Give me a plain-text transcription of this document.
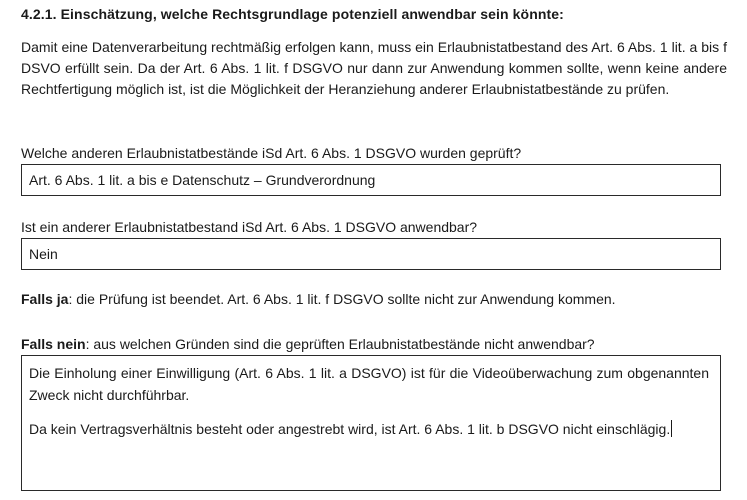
4.2.1. Einschätzung, welche Rechtsgrundlage potenziell anwendbar sein könnte:
Damit eine Datenverarbeitung rechtmäßig erfolgen kann, muss ein Erlaubnistatbestand des Art. 6 Abs. 1 lit. a bis f DSVO erfüllt sein. Da der Art. 6 Abs. 1 lit. f DSGVO nur dann zur Anwendung kommen sollte, wenn keine andere Rechtfertigung möglich ist, ist die Möglichkeit der Heranziehung anderer Erlaubnistatbestände zu prüfen.
Welche anderen Erlaubnistatbestände iSd Art. 6 Abs. 1 DSGVO wurden geprüft?
Art. 6 Abs. 1 lit. a bis e Datenschutz – Grundverordnung
Ist ein anderer Erlaubnistatbestand iSd Art. 6 Abs. 1 DSGVO anwendbar?
Nein
Falls ja: die Prüfung ist beendet. Art. 6 Abs. 1 lit. f DSGVO sollte nicht zur Anwendung kommen.
Falls nein: aus welchen Gründen sind die geprüften Erlaubnistatbestände nicht anwendbar?

Die Einholung einer Einwilligung (Art. 6 Abs. 1 lit. a DSGVO) ist für die Videoüberwachung zum obgenannten Zweck nicht durchführbar.

Da kein Vertragsverhältnis besteht oder angestrebt wird, ist Art. 6 Abs. 1 lit. b DSGVO nicht einschlägig.
